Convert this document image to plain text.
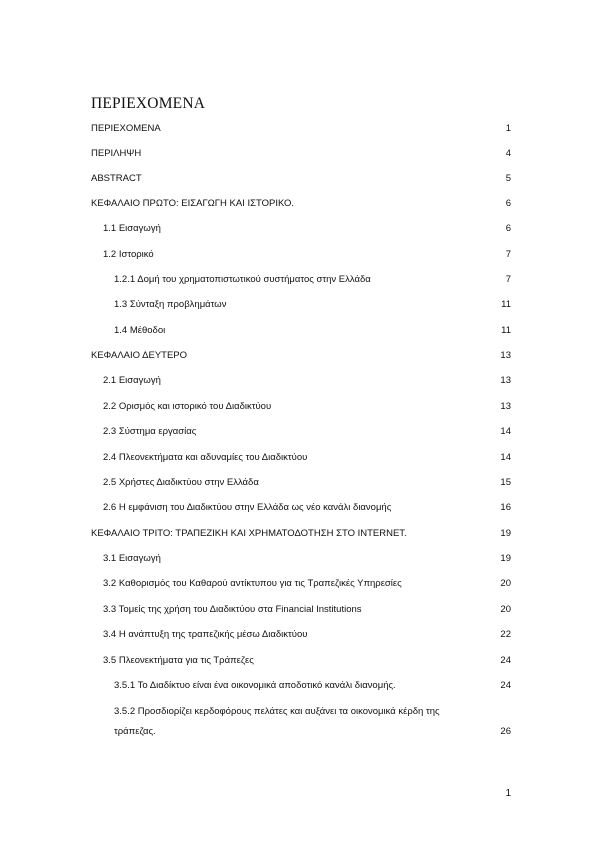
ΠΕΡΙΕΧΟΜΕΝΑ
ΠΕΡΙΕΧΟΜΕΝΑ	1
ΠΕΡΙΛΗΨΗ	4
ABSTRACT	5
ΚΕΦΑΛΑΙΟ ΠΡΩΤΟ: ΕΙΣΑΓΩΓΗ ΚΑΙ ΙΣΤΟΡΙΚΟ.	6
1.1 Εισαγωγή	6
1.2 Ιστορικό	7
1.2.1 Δομή του χρηματοπιστωτικού συστήματος στην Ελλάδα	7
1.3 Σύνταξη προβλημάτων	11
1.4 Μέθοδοι	11
ΚΕΦΑΛΑΙΟ ΔΕΥΤΕΡΟ	13
2.1 Εισαγωγή	13
2.2 Ορισμός και ιστορικό του Διαδικτύου	13
2.3 Σύστημα εργασίας	14
2.4 Πλεονεκτήματα και αδυναμίες του Διαδικτύου	14
2.5 Χρήστες Διαδικτύου στην Ελλάδα	15
2.6 Η εμφάνιση του Διαδικτύου στην Ελλάδα ως νέο κανάλι διανομής	16
ΚΕΦΑΛΑΙΟ ΤΡΙΤΟ: ΤΡΑΠΕΖΙΚΗ ΚΑΙ ΧΡΗΜΑΤΟΔΟΤΗΣΗ ΣΤΟ INTERNET.	19
3.1 Εισαγωγή	19
3.2 Καθορισμός του Καθαρού αντίκτυπου για τις Τραπεζικές Υπηρεσίες	20
3.3 Τομείς της χρήση του Διαδικτύου στα Financial Institutions	20
3.4 Η ανάπτυξη της τραπεζικής μέσω Διαδικτύου	22
3.5 Πλεονεκτήματα για τις Τράπεζες	24
3.5.1 Το Διαδίκτυο είναι ένα οικονομικά αποδοτικό κανάλι διανομής.	24
3.5.2 Προσδιορίζει κερδοφόρους πελάτες και αυξάνει τα οικονομικά κέρδη της
τράπεζας.	26
1
